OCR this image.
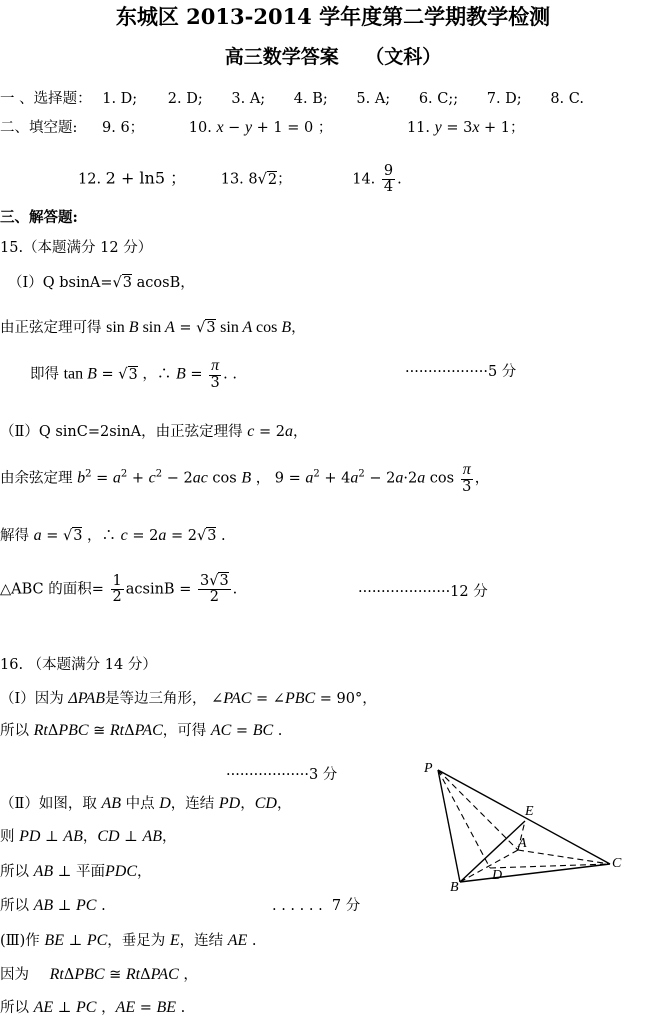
东城区 2013-2014 学年度第二学期教学检测
高三数学答案    （文科）
一 、选择题： 1. D; 2. D; 3. A; 4. B; 5. A; 6. C;; 7. D; 8. C.
二、填空题: 9. 6；	10. x − y + 1 = 0 ；	11. y = 3x + 1；
12. 2 + ln5 ； 13. 8√2；	14. $\frac{9}{4}$ .
三、解答题:
15.（本题满分 12 分）
（Ⅰ）Q bsinA=√3 acosB，
由正弦定理可得 sin B sin A = √3 sin A cos B，
即得 tan B = √3 ，∴ $B = \frac{\pi}{3}$ . .	··················5 分
（Ⅱ）Q sinC=2sinA，由正弦定理得 c = 2a，
由余弦定理 $b^2 = a^2 + c^2 - 2ac$ cos B ， $9 = a^2 + 4a^2 - 2a\cdot 2a$ $\cos \frac{\pi}{3}$ ，
解得 a = √3 ，∴ c = 2a = 2√3 .
△ABC 的面积= $\frac{1}{2}$ $acsinB = \frac{3√3}{2}$ .	····················12 分
16. （本题满分 14 分）
（Ⅰ）因为 ΔPAB是等边三角形， ∠PAC = ∠PBC = 90°，
所以 RtΔPBC ≅ RtΔPAC，可得 AC = BC .
··················3 分
（Ⅱ）如图，取 AB 中点 D，连结 PD，CD，
则 PD ⊥ AB，CD ⊥ AB，
所以 AB ⊥ 平面PDC，
所以 AB ⊥ PC .	. . . . . .  7 分
(Ⅲ)作 BE ⊥ PC，垂足为 E，连结 AE .
因为 RtΔPBC ≅ RtΔPAC ，
所以 AE ⊥ PC ，AE = BE .
P
E
A
C
B
D
